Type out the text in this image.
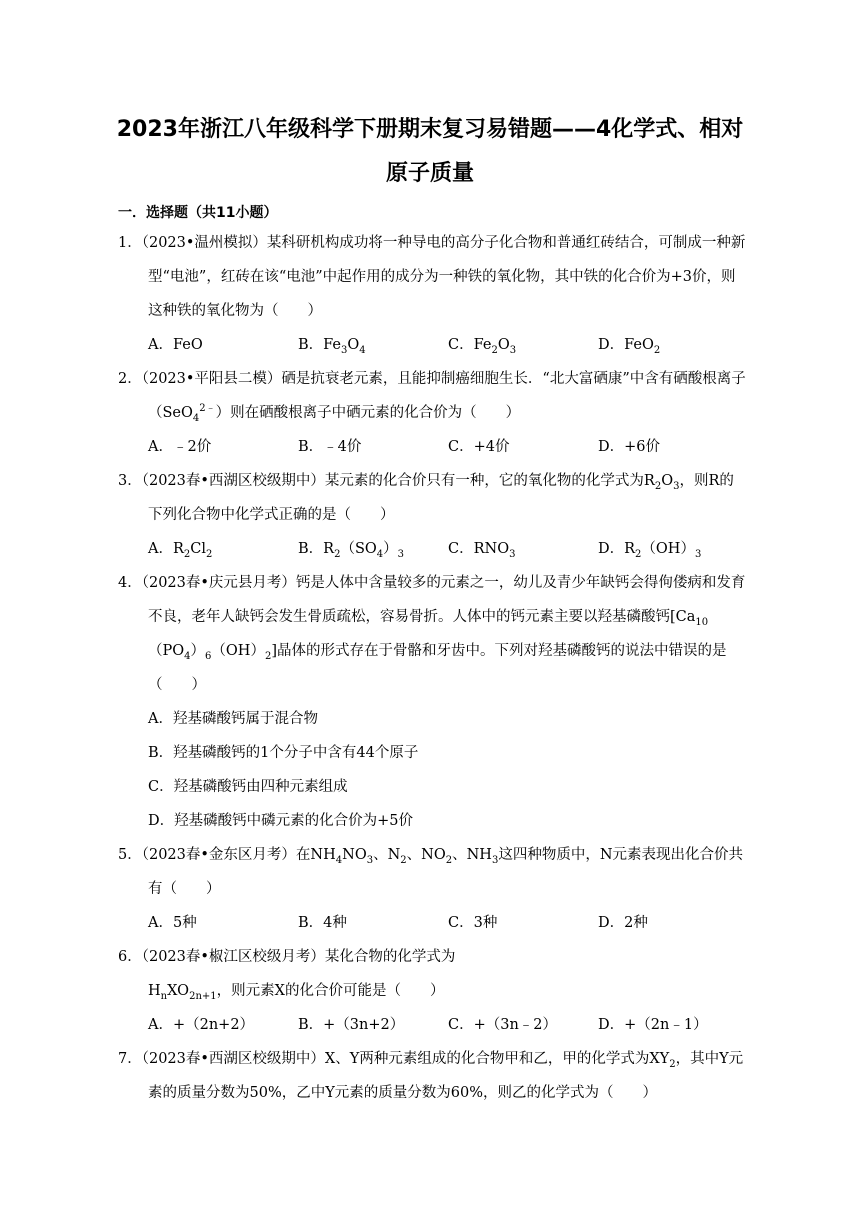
2023年浙江八年级科学下册期末复习易错题——4化学式、相对
原子质量
一．选择题（共11小题）

1．（2023•温州模拟）某科研机构成功将一种导电的高分子化合物和普通红砖结合，可制成一种新型“电池”，红砖在该“电池”中起作用的成分为一种铁的氧化物，其中铁的化合价为+3价，则这种铁的氧化物为（　　）

A．FeO	B．$Fe_3O_4$	C．$Fe_2O_3$	D．FeO$_2$

2．（2023•平阳县二模）硒是抗衰老元素，且能抑制癌细胞生长．“北大富硒康”中含有硒酸根离子（SeO$_4^{2﹣}$）则在硒酸根离子中硒元素的化合价为（　　）

A．﹣2价	B．﹣4价	C．+4价	D．+6价

3．（2023春•西湖区校级期中）某元素的化合价只有一种，它的氧化物的化学式为$R_2O_3$，则R的下列化合物中化学式正确的是（　　）

A．$R_2Cl_2$	B．$R_2(SO_4)_3$	C．$RNO_3$	D．$R_2(OH)_3$

4．（2023春•庆元县月考）钙是人体中含量较多的元素之一，幼儿及青少年缺钙会得佝偻病和发育不良，老年人缺钙会发生骨质疏松，容易骨折。人体中的钙元素主要以羟基磷酸钙$[Ca_{10}(PO_4)_6(OH)_2]$晶体的形式存在于骨骼和牙齿中。下列对羟基磷酸钙的说法中错误的是（　　）

A．羟基磷酸钙属于混合物

B．羟基磷酸钙的1个分子中含有44个原子

C．羟基磷酸钙由四种元素组成

D．羟基磷酸钙中磷元素的化合价为+5价

5．（2023春•金东区月考）在$NH_4NO_3$、$N_2$、$NO_2$、$NH_3$这四种物质中，N元素表现出化合价共有（　　）

A．5种	B．4种	C．3种	D．2种

6．（2023春•椒江区校级月考）某化合物的化学式为$H_nXO_{2n+1}$，则元素X的化合价可能是（　　）

A．+（2n+2）	B．+（3n+2）	C．+（3n﹣2）	D．+（2n﹣1）

7．（2023春•西湖区校级期中）X、Y两种元素组成的化合物甲和乙，甲的化学式为$XY_2$，其中Y元素的质量分数为50%，乙中Y元素的质量分数为60%，则乙的化学式为（　　）
